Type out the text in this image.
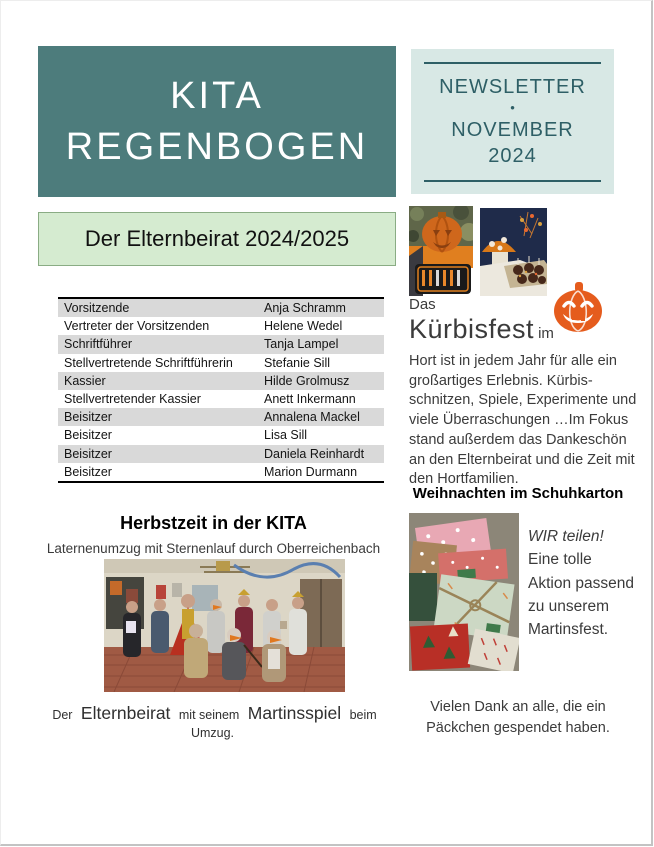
KITA
REGENBOGEN
NEWSLETTER
•
NOVEMBER
2024
Der Elternbeirat 2024/2025
Vorsitzende	Anja Schramm
Vertreter der Vorsitzenden	Helene Wedel
Schriftführer	Tanja Lampel
Stellvertretende Schriftführerin	Stefanie Sill
Kassier	Hilde Grolmusz
Stellvertretender Kassier	Anett Inkermann
Beisitzer	Annalena Mackel
Beisitzer	Lisa Sill
Beisitzer	Daniela Reinhardt
Beisitzer	Marion Durmann
Das
Kürbisfest im
Hort ist in jedem Jahr für alle ein großartiges Erlebnis. Kürbis-schnitzen, Spiele, Experimente und viele Überraschungen …Im Fokus stand außerdem das Dankeschön an den Elternbeirat und die Zeit mit den Hortfamilien.
Weihnachten im Schuhkarton
WIR teilen!
Eine tolle Aktion passend zu unserem Martinsfest.
Vielen Dank an alle, die ein Päckchen gespendet haben.
Herbstzeit in der KITA
Laternenumzug mit Sternenlauf durch Oberreichenbach
Der Elternbeirat mit seinem Martinsspiel beim Umzug.
